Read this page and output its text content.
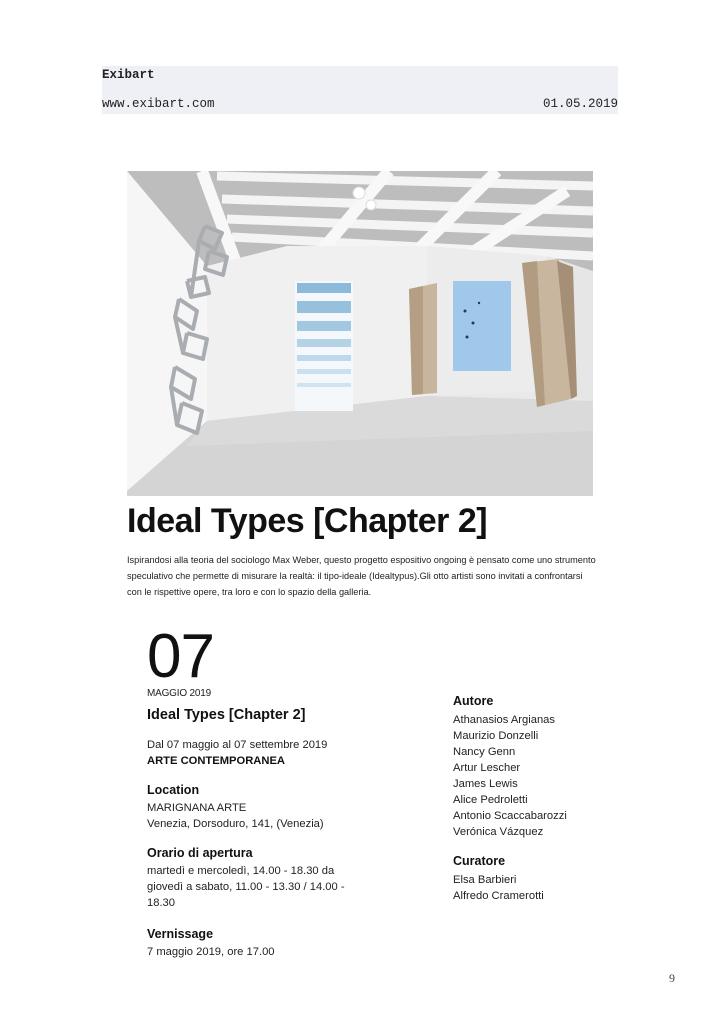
Exibart
www.exibart.com	01.05.2019
Ideal Types [Chapter 2]
Ispirandosi alla teoria del sociologo Max Weber, questo progetto espositivo ongoing è pensato come uno strumento speculativo che permette di misurare la realtà: il tipo-ideale (Idealtypus).Gli otto artisti sono invitati a confrontarsi con le rispettive opere, tra loro e con lo spazio della galleria.
07
MAGGIO 2019
Ideal Types [Chapter 2]
Dal 07 maggio al 07 settembre 2019
ARTE CONTEMPORANEA
Location
MARIGNANA ARTE
Venezia, Dorsoduro, 141, (Venezia)
Orario di apertura
martedì e mercoledì, 14.00 - 18.30 da
giovedì a sabato, 11.00 - 13.30 / 14.00 -
18.30
Vernissage
7 maggio 2019, ore 17.00
Autore
Athanasios Argianas
Maurizio Donzelli
Nancy Genn
Artur Lescher
James Lewis
Alice Pedroletti
Antonio Scaccabarozzi
Verónica Vázquez
Curatore
Elsa Barbieri
Alfredo Cramerotti
9
